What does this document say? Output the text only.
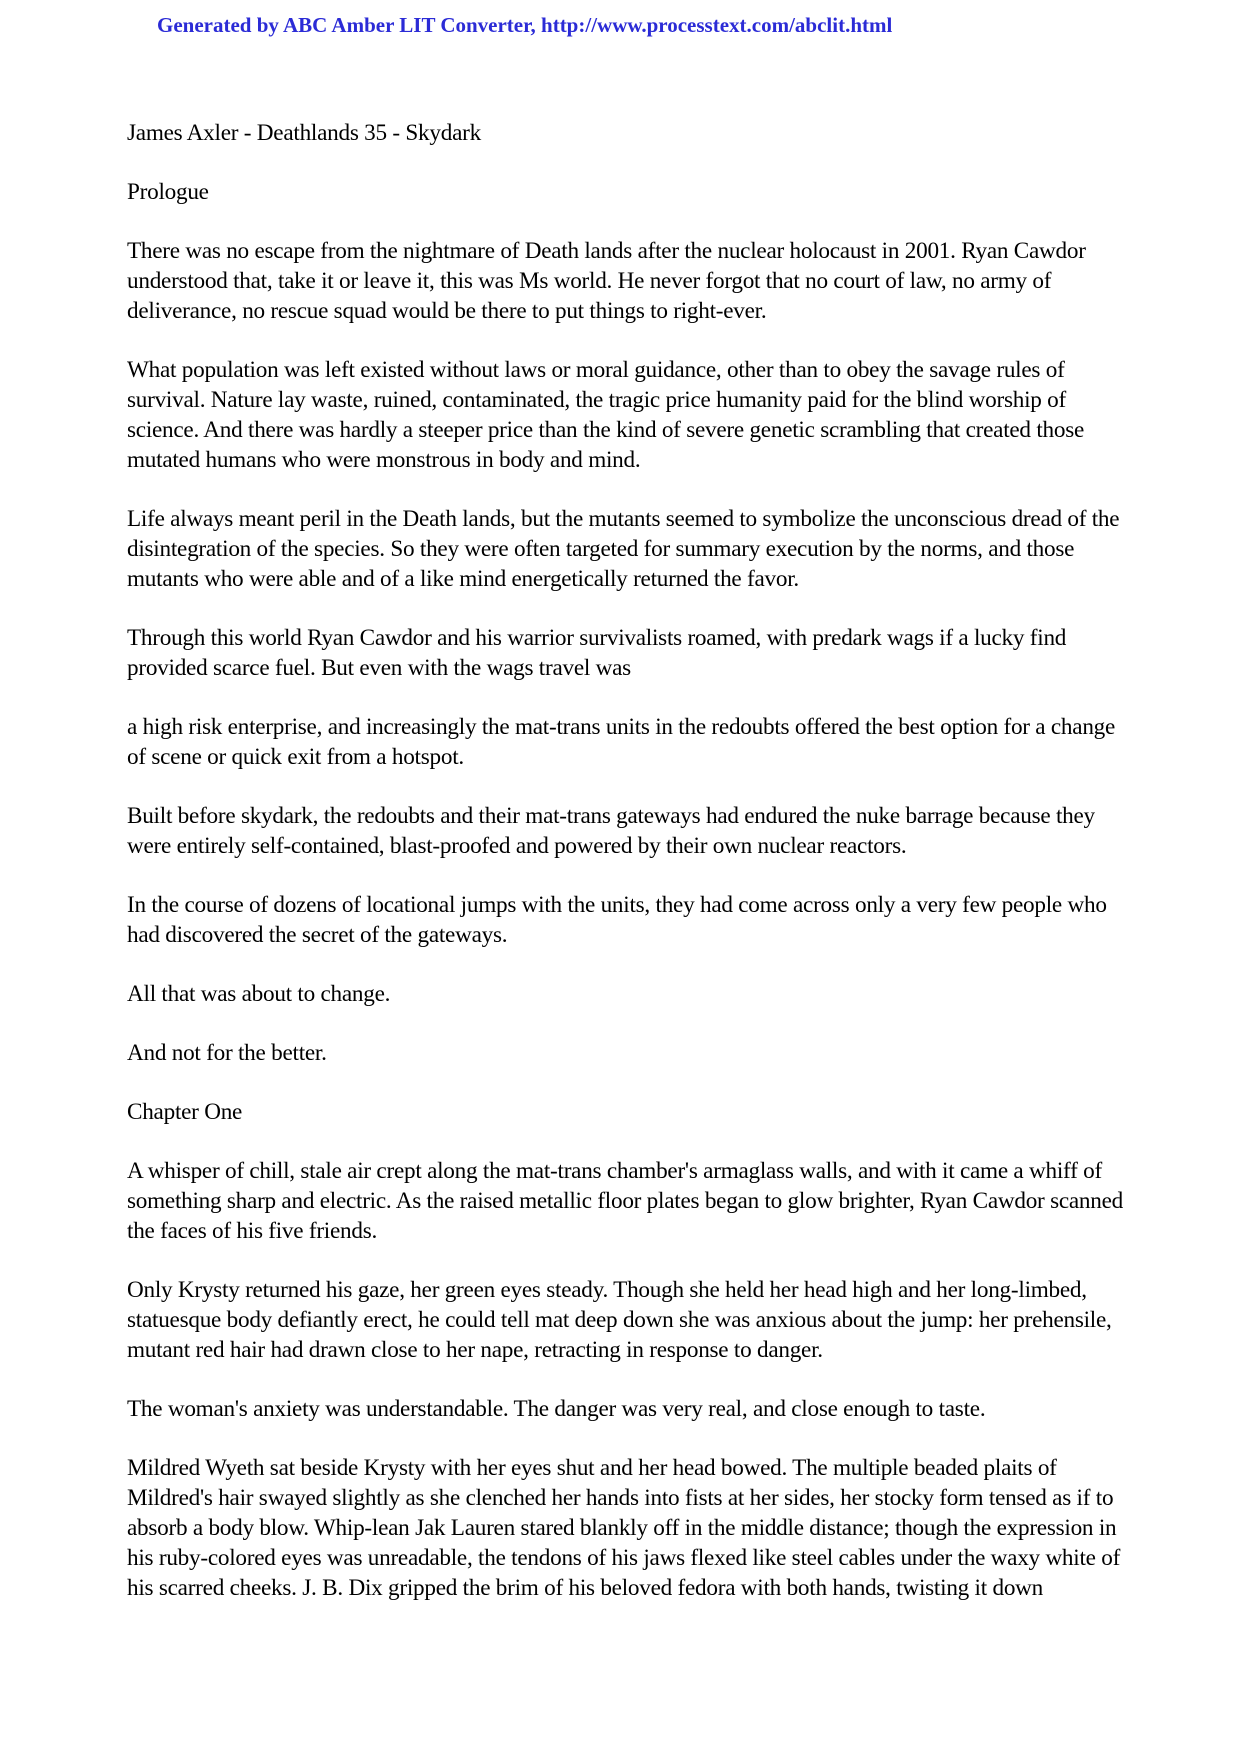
Generated by ABC Amber LIT Converter, http://www.processtext.com/abclit.html

James Axler - Deathlands 35 - Skydark

Prologue

There was no escape from the nightmare of Death lands after the nuclear holocaust in 2001. Ryan Cawdor understood that, take it or leave it, this was Ms world. He never forgot that no court of law, no army of deliverance, no rescue squad would be there to put things to right-ever.

What population was left existed without laws or moral guidance, other than to obey the savage rules of survival. Nature lay waste, ruined, contaminated, the tragic price humanity paid for the blind worship of science. And there was hardly a steeper price than the kind of severe genetic scrambling that created those mutated humans who were monstrous in body and mind.

Life always meant peril in the Death lands, but the mutants seemed to symbolize the unconscious dread of the disintegration of the species. So they were often targeted for summary execution by the norms, and those mutants who were able and of a like mind energetically returned the favor.

Through this world Ryan Cawdor and his warrior survivalists roamed, with predark wags if a lucky find provided scarce fuel. But even with the wags travel was

a high risk enterprise, and increasingly the mat-trans units in the redoubts offered the best option for a change of scene or quick exit from a hotspot.

Built before skydark, the redoubts and their mat-trans gateways had endured the nuke barrage because they were entirely self-contained, blast-proofed and powered by their own nuclear reactors.

In the course of dozens of locational jumps with the units, they had come across only a very few people who had discovered the secret of the gateways.

All that was about to change.

And not for the better.

Chapter One

A whisper of chill, stale air crept along the mat-trans chamber's armaglass walls, and with it came a whiff of something sharp and electric. As the raised metallic floor plates began to glow brighter, Ryan Cawdor scanned the faces of his five friends.

Only Krysty returned his gaze, her green eyes steady. Though she held her head high and her long-limbed, statuesque body defiantly erect, he could tell mat deep down she was anxious about the jump: her prehensile, mutant red hair had drawn close to her nape, retracting in response to danger.

The woman's anxiety was understandable. The danger was very real, and close enough to taste.

Mildred Wyeth sat beside Krysty with her eyes shut and her head bowed. The multiple beaded plaits of Mildred's hair swayed slightly as she clenched her hands into fists at her sides, her stocky form tensed as if to absorb a body blow. Whip-lean Jak Lauren stared blankly off in the middle distance; though the expression in his ruby-colored eyes was unreadable, the tendons of his jaws flexed like steel cables under the waxy white of his scarred cheeks. J. B. Dix gripped the brim of his beloved fedora with both hands, twisting it down
